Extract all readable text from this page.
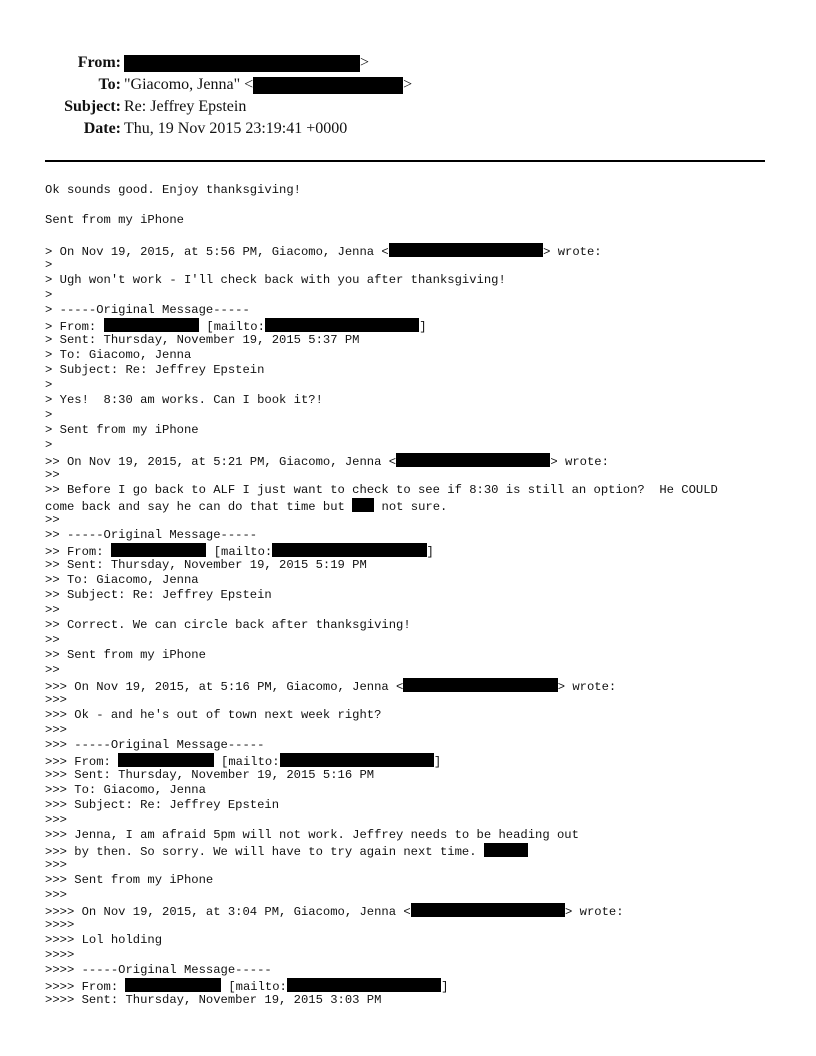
From:	>
To: "Giacomo, Jenna" <	>
Subject: Re: Jeffrey Epstein
Date: Thu, 19 Nov 2015 23:19:41 +0000
Ok sounds good. Enjoy thanksgiving!

Sent from my iPhone

> On Nov 19, 2015, at 5:56 PM, Giacomo, Jenna <	> wrote:
>
> Ugh won't work - I'll check back with you after thanksgiving!
>
> -----Original Message-----
> From:	[mailto:	]
> Sent: Thursday, November 19, 2015 5:37 PM
> To: Giacomo, Jenna
> Subject: Re: Jeffrey Epstein
>
> Yes!  8:30 am works. Can I book it?!
>
> Sent from my iPhone
>
>> On Nov 19, 2015, at 5:21 PM, Giacomo, Jenna <	> wrote:
>>
>> Before I go back to ALF I just want to check to see if 8:30 is still an option?  He COULD
come back and say he can do that time but  not sure.
>>
>> -----Original Message-----
>> From:	[mailto:	]
>> Sent: Thursday, November 19, 2015 5:19 PM
>> To: Giacomo, Jenna
>> Subject: Re: Jeffrey Epstein
>>
>> Correct. We can circle back after thanksgiving!
>>
>> Sent from my iPhone
>>
>>> On Nov 19, 2015, at 5:16 PM, Giacomo, Jenna <	> wrote:
>>>
>>> Ok - and he's out of town next week right?
>>>
>>> -----Original Message-----
>>> From:	[mailto:	]
>>> Sent: Thursday, November 19, 2015 5:16 PM
>>> To: Giacomo, Jenna
>>> Subject: Re: Jeffrey Epstein
>>>
>>> Jenna, I am afraid 5pm will not work. Jeffrey needs to be heading out
>>> by then. So sorry. We will have to try again next time.
>>>
>>> Sent from my iPhone
>>>
>>>> On Nov 19, 2015, at 3:04 PM, Giacomo, Jenna <	> wrote:
>>>>
>>>> Lol holding
>>>>
>>>> -----Original Message-----
>>>> From:	[mailto:	]
>>>> Sent: Thursday, November 19, 2015 3:03 PM
